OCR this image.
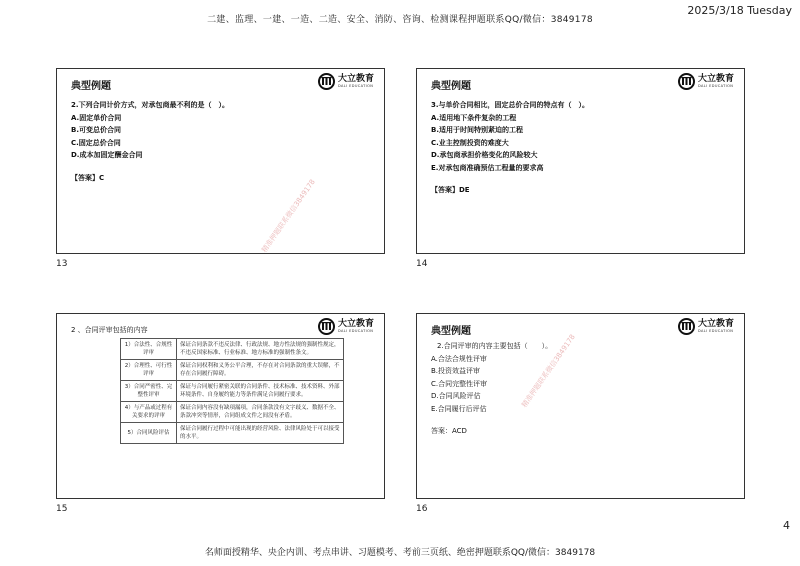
二建、监理、一建、一造、二造、安全、消防、咨询、检测课程押题联系QQ/微信：3849178
2025/3/18 Tuesday
典型例题
大立教育
DALI EDUCATION
2.下列合同计价方式，对承包商最不利的是（　）。
A.固定单价合同
B.可变总价合同
C.固定总价合同
D.成本加固定酬金合同
【答案】C
精准押题联系微信3849178
13
典型例题
大立教育
DALI EDUCATION
3.与单价合同相比，固定总价合同的特点有（　）。
A.适用地下条件复杂的工程
B.适用于时间特别紧迫的工程
C.业主控制投资的难度大
D.承包商承担价格变化的风险较大
E.对承包商准确预估工程量的要求高
【答案】DE
14
2 、合同评审包括的内容
大立教育
DALI EDUCATION
1）合法性、合规性评审	保证合同条款不违反法律、行政法规、地方性法规的强制性规定，不违反国家标准、行业标准、地方标准的强制性条文。
2）合理性、可行性评审	保证合同权利和义务公平合理，不存在对合同条款的重大误解，不存在合同履行障碍。
3）合同严密性、完整性评审	保证与合同履行紧密关联的合同条件、技术标准、技术资料、外部环境条件、自身履约能力等条件满足合同履行要求。
4）与产品或过程有关要求的评审	保证合同内容没有缺项漏项，合同条款没有文字歧义、数据不全、条款冲突等情形，合同组成文件之间没有矛盾。
5）合同风险评估	保证合同履行过程中可能出现的经营风险、法律风险处于可以接受的水平。
15
典型例题
大立教育
DALI EDUCATION
2.合同评审的内容主要包括（　　）。
A.合法合规性评审
B.投资效益评审
C.合同完整性评审
D.合同风险评估
E.合同履行后评估
答案：ACD
精准押题联系微信3849178
16
4
名师面授精华、央企内训、考点串讲、习题模考、考前三页纸、绝密押题联系QQ/微信：3849178
